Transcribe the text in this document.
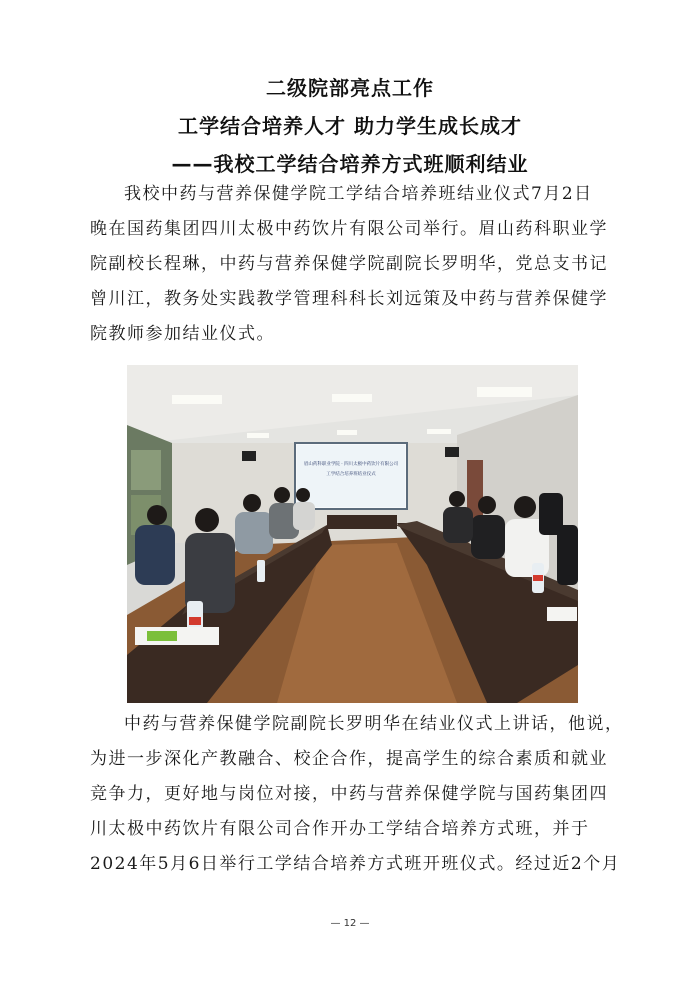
二级院部亮点工作
工学结合培养人才 助力学生成长成才
——我校工学结合培养方式班顺利结业
我校中药与营养保健学院工学结合培养班结业仪式7月2日
晚在国药集团四川太极中药饮片有限公司举行。眉山药科职业学
院副校长程琳，中药与营养保健学院副院长罗明华，党总支书记
曾川江，教务处实践教学管理科科长刘远策及中药与营养保健学
院教师参加结业仪式。
眉山药科职业学院 · 四川太极中药饮片有限公司
工学结合培养班结业仪式
中药与营养保健学院副院长罗明华在结业仪式上讲话，他说，
为进一步深化产教融合、校企合作，提高学生的综合素质和就业
竞争力，更好地与岗位对接，中药与营养保健学院与国药集团四
川太极中药饮片有限公司合作开办工学结合培养方式班，并于
2024年5月6日举行工学结合培养方式班开班仪式。经过近2个月
— 12 —
